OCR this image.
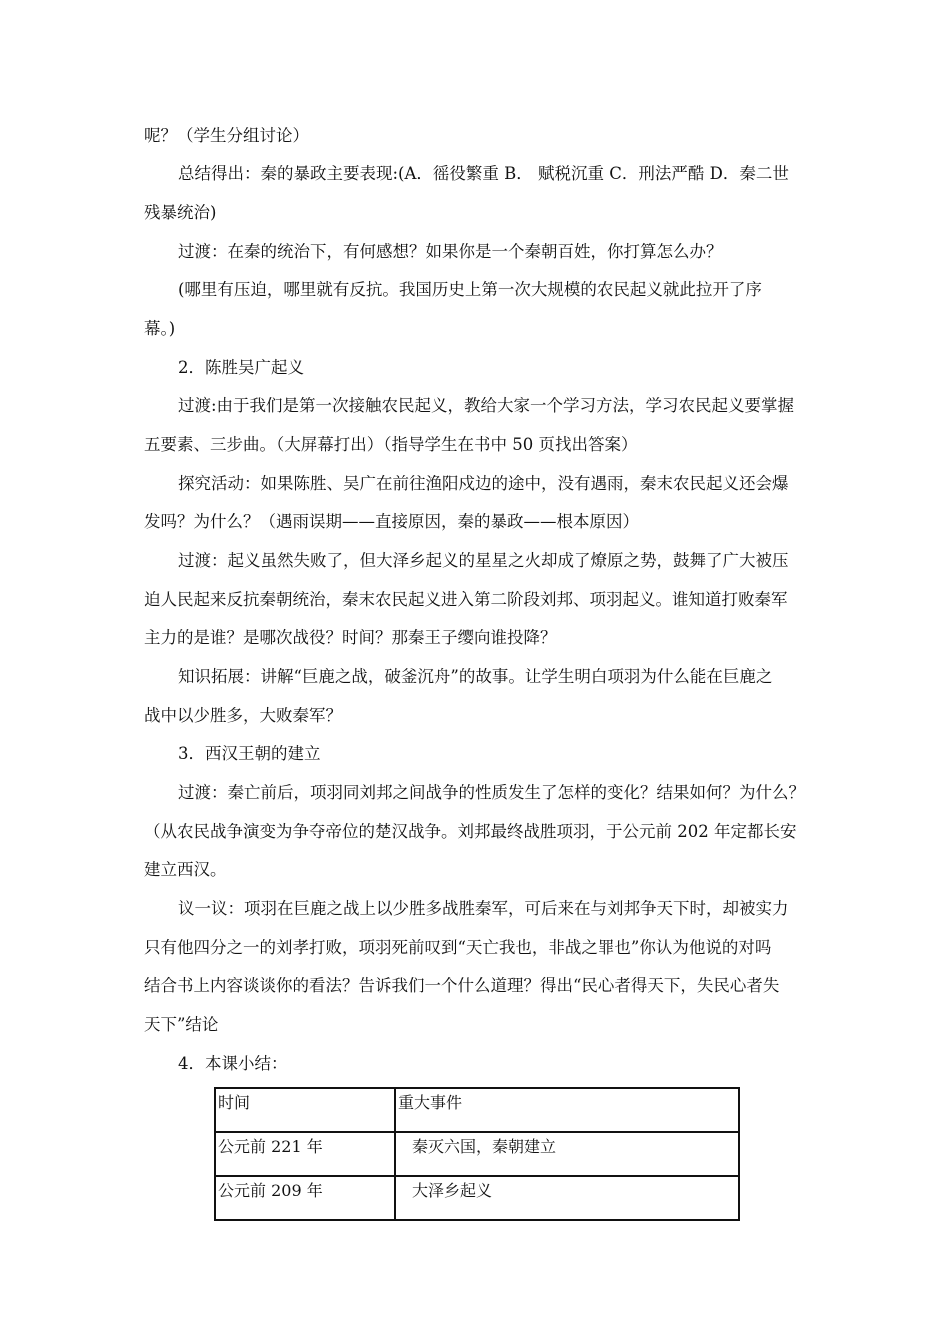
呢？（学生分组讨论）
总结得出：秦的暴政主要表现:(A．徭役繁重 B． 赋税沉重 C．刑法严酷 D．秦二世
残暴统治)
过渡：在秦的统治下，有何感想？如果你是一个秦朝百姓，你打算怎么办？
(哪里有压迫，哪里就有反抗。我国历史上第一次大规模的农民起义就此拉开了序
幕。)
2．陈胜吴广起义
过渡:由于我们是第一次接触农民起义，教给大家一个学习方法，学习农民起义要掌握
五要素、三步曲。（大屏幕打出）（指导学生在书中 50 页找出答案）
探究活动：如果陈胜、吴广在前往渔阳戍边的途中，没有遇雨，秦末农民起义还会爆
发吗？为什么？（遇雨误期——直接原因，秦的暴政——根本原因）
过渡：起义虽然失败了，但大泽乡起义的星星之火却成了燎原之势，鼓舞了广大被压
迫人民起来反抗秦朝统治，秦末农民起义进入第二阶段刘邦、项羽起义。谁知道打败秦军
主力的是谁？是哪次战役？时间？那秦王子缨向谁投降？
知识拓展：讲解“巨鹿之战，破釜沉舟”的故事。让学生明白项羽为什么能在巨鹿之
战中以少胜多，大败秦军？
3．西汉王朝的建立
过渡：秦亡前后，项羽同刘邦之间战争的性质发生了怎样的变化？结果如何？为什么？
（从农民战争演变为争夺帝位的楚汉战争。刘邦最终战胜项羽，于公元前 202 年定都长安
建立西汉。
议一议：项羽在巨鹿之战上以少胜多战胜秦军，可后来在与刘邦争天下时，却被实力
只有他四分之一的刘孝打败，项羽死前叹到“天亡我也，非战之罪也”你认为他说的对吗
结合书上内容谈谈你的看法？告诉我们一个什么道理？得出“民心者得天下，失民心者失
天下”结论
4．本课小结：
时间	重大事件
公元前 221 年	秦灭六国，秦朝建立
公元前 209 年	大泽乡起义
